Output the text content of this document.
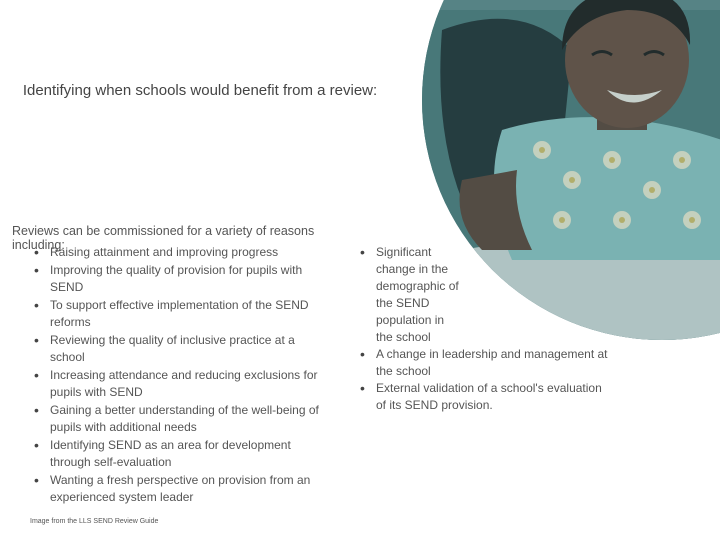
Identifying when schools would benefit from a review:

Reviews can be commissioned for a variety of reasons including:

• Raising attainment and improving progress
• Improving the quality of provision for pupils with SEND
• To support effective implementation of the SEND reforms
• Reviewing the quality of inclusive practice at a school
• Increasing attendance and reducing exclusions for pupils with SEND
• Gaining a better understanding of the well-being of pupils with additional needs
• Identifying SEND as an area for development through self-evaluation
• Wanting a fresh perspective on provision from an experienced system leader
• Significant change in the demographic of the SEND population in the school
• A change in leadership and management at the school
• External validation of a school's evaluation of its SEND provision.
Image from the LLS SEND Review Guide
